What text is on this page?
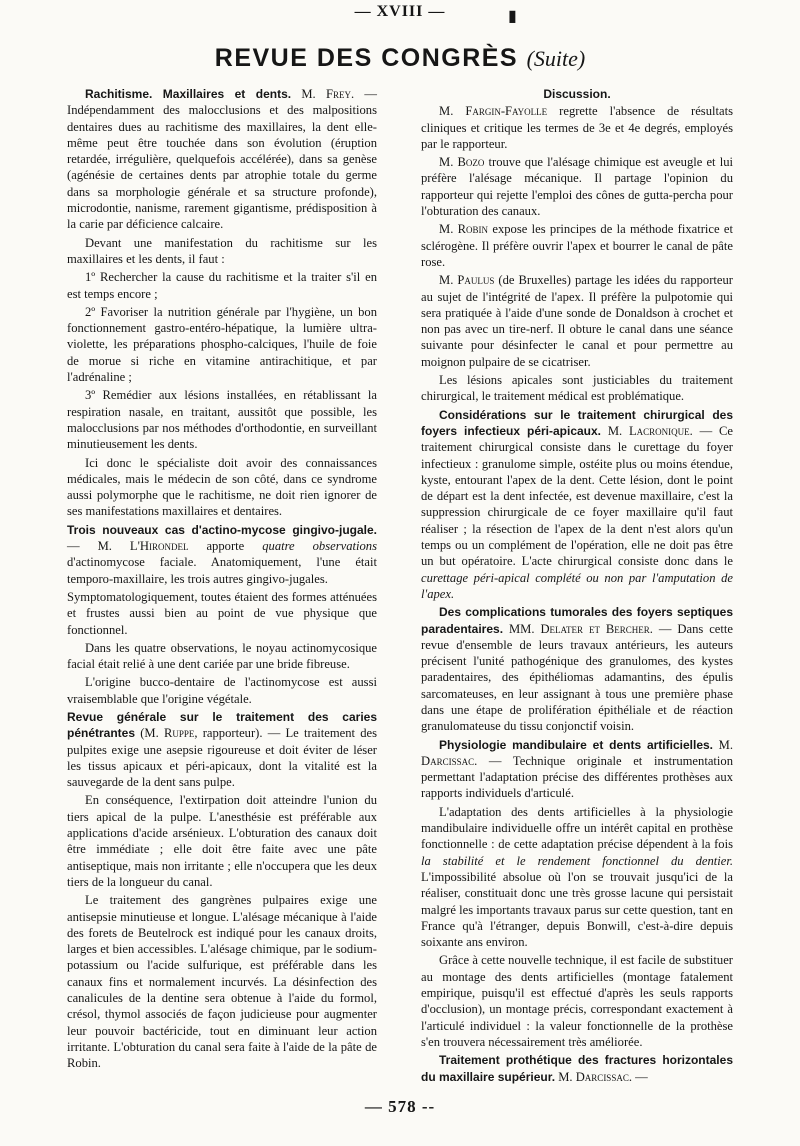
— XVIII —	▮
REVUE DES CONGRÈS (Suite)

Rachitisme. Maxillaires et dents. M. Frey. — Indépendamment des malocclusions et des malpositions dentaires dues au rachitisme des maxillaires, la dent elle-même peut être touchée dans son évolution (éruption retardée, irrégulière, quelquefois accélérée), dans sa genèse (agénésie de certaines dents par atrophie totale du germe dans sa morphologie générale et sa structure profonde), microdontie, nanisme, rarement gigantisme, prédisposition à la carie par déficience calcaire.

Devant une manifestation du rachitisme sur les maxillaires et les dents, il faut :

1º Rechercher la cause du rachitisme et la traiter s'il en est temps encore ;

2º Favoriser la nutrition générale par l'hygiène, un bon fonctionnement gastro-entéro-hépatique, la lumière ultra-violette, les préparations phospho-calciques, l'huile de foie de morue si riche en vitamine antirachitique, et par l'adrénaline ;

3º Remédier aux lésions installées, en rétablissant la respiration nasale, en traitant, aussitôt que possible, les malocclusions par nos méthodes d'orthodontie, en surveillant minutieusement les dents.

Ici donc le spécialiste doit avoir des connaissances médicales, mais le médecin de son côté, dans ce syndrome aussi polymorphe que le rachitisme, ne doit rien ignorer de ses manifestations maxillaires et dentaires.

Trois nouveaux cas d'actino-mycose gingivo-jugale. — M. L'Hirondel apporte quatre observations d'actinomycose faciale. Anatomiquement, l'une était temporo-maxillaire, les trois autres gingivo-jugales.

Symptomatologiquement, toutes étaient des formes atténuées et frustes aussi bien au point de vue physique que fonctionnel.

Dans les quatre observations, le noyau actinomycosique facial était relié à une dent cariée par une bride fibreuse.

L'origine bucco-dentaire de l'actinomycose est aussi vraisemblable que l'origine végétale.

Revue générale sur le traitement des caries pénétrantes (M. Ruppe, rapporteur). — Le traitement des pulpites exige une asepsie rigoureuse et doit éviter de léser les tissus apicaux et péri-apicaux, dont la vitalité est la sauvegarde de la dent sans pulpe.

En conséquence, l'extirpation doit atteindre l'union du tiers apical de la pulpe. L'anesthésie est préférable aux applications d'acide arsénieux. L'obturation des canaux doit être immédiate ; elle doit être faite avec une pâte antiseptique, mais non irritante ; elle n'occupera que les deux tiers de la longueur du canal.

Le traitement des gangrènes pulpaires exige une antisepsie minutieuse et longue. L'alésage mécanique à l'aide des forets de Beutelrock est indiqué pour les canaux droits, larges et bien accessibles. L'alésage chimique, par le sodium-potassium ou l'acide sulfurique, est préférable dans les canaux fins et normalement incurvés. La désinfection des canalicules de la dentine sera obtenue à l'aide du formol, crésol, thymol associés de façon judicieuse pour augmenter leur pouvoir bactéricide, tout en diminuant leur action irritante. L'obturation du canal sera faite à l'aide de la pâte de Robin.

Discussion.

M. Fargin-Fayolle regrette l'absence de résultats cliniques et critique les termes de 3e et 4e degrés, employés par le rapporteur.

M. Bozo trouve que l'alésage chimique est aveugle et lui préfère l'alésage mécanique. Il partage l'opinion du rapporteur qui rejette l'emploi des cônes de gutta-percha pour l'obturation des canaux.

M. Robin expose les principes de la méthode fixatrice et sclérogène. Il préfère ouvrir l'apex et bourrer le canal de pâte rose.

M. Paulus (de Bruxelles) partage les idées du rapporteur au sujet de l'intégrité de l'apex. Il préfère la pulpotomie qui sera pratiquée à l'aide d'une sonde de Donaldson à crochet et non pas avec un tire-nerf. Il obture le canal dans une séance suivante pour désinfecter le canal et pour permettre au moignon pulpaire de se cicatriser.

Les lésions apicales sont justiciables du traitement chirurgical, le traitement médical est problématique.

Considérations sur le traitement chirurgical des foyers infectieux péri-apicaux. M. Lacronique. — Ce traitement chirurgical consiste dans le curettage du foyer infectieux : granulome simple, ostéite plus ou moins étendue, kyste, entourant l'apex de la dent. Cette lésion, dont le point de départ est la dent infectée, est devenue maxillaire, c'est la suppression chirurgicale de ce foyer maxillaire qu'il faut réaliser ; la résection de l'apex de la dent n'est alors qu'un temps ou un complément de l'opération, elle ne doit pas être un but opératoire. L'acte chirurgical consiste donc dans le curettage péri-apical complété ou non par l'amputation de l'apex.

Des complications tumorales des foyers septiques paradentaires. MM. Delater et Bercher. — Dans cette revue d'ensemble de leurs travaux antérieurs, les auteurs précisent l'unité pathogénique des granulomes, des kystes paradentaires, des épithéliomas adamantins, des épulis sarcomateuses, en leur assignant à tous une première phase dans une étape de prolifération épithéliale et de réaction granulomateuse du tissu conjonctif voisin.

Physiologie mandibulaire et dents artificielles. M. Darcissac. — Technique originale et instrumentation permettant l'adaptation précise des différentes prothèses aux rapports individuels d'articulé.

L'adaptation des dents artificielles à la physiologie mandibulaire individuelle offre un intérêt capital en prothèse fonctionnelle : de cette adaptation précise dépendent à la fois la stabilité et le rendement fonctionnel du dentier. L'impossibilité absolue où l'on se trouvait jusqu'ici de la réaliser, constituait donc une très grosse lacune qui persistait malgré les importants travaux parus sur cette question, tant en France qu'à l'étranger, depuis Bonwill, c'est-à-dire depuis soixante ans environ.

Grâce à cette nouvelle technique, il est facile de substituer au montage des dents artificielles (montage fatalement empirique, puisqu'il est effectué d'après les seuls rapports d'occlusion), un montage précis, correspondant exactement à l'articulé individuel : la valeur fonctionnelle de la prothèse s'en trouvera nécessairement très améliorée.

Traitement prothétique des fractures horizontales du maxillaire supérieur. M. Darcissac. —

— 578 --
